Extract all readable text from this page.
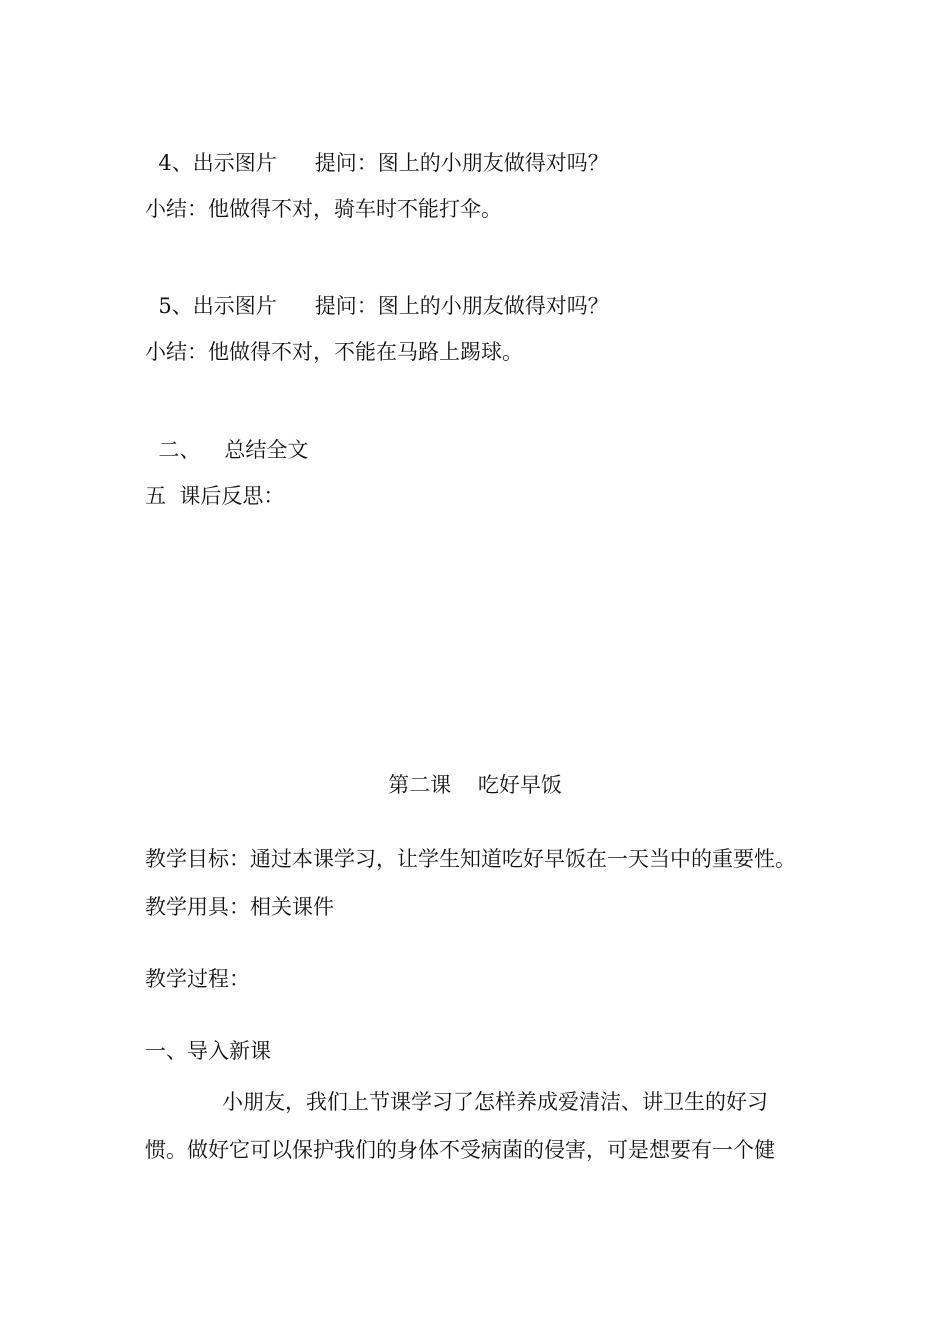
4、出示图片 提问：图上的小朋友做得对吗？

小结：他做得不对，骑车时不能打伞。

5、出示图片 提问：图上的小朋友做得对吗？

小结：他做得不对，不能在马路上踢球。

二、 总结全文

五  课后反思：

第二课    吃好早饭

教学目标：通过本课学习，让学生知道吃好早饭在一天当中的重要性。

教学用具：相关课件

教学过程：

一、导入新课

小朋友，我们上节课学习了怎样养成爱清洁、讲卫生的好习

惯。做好它可以保护我们的身体不受病菌的侵害，可是想要有一个健
